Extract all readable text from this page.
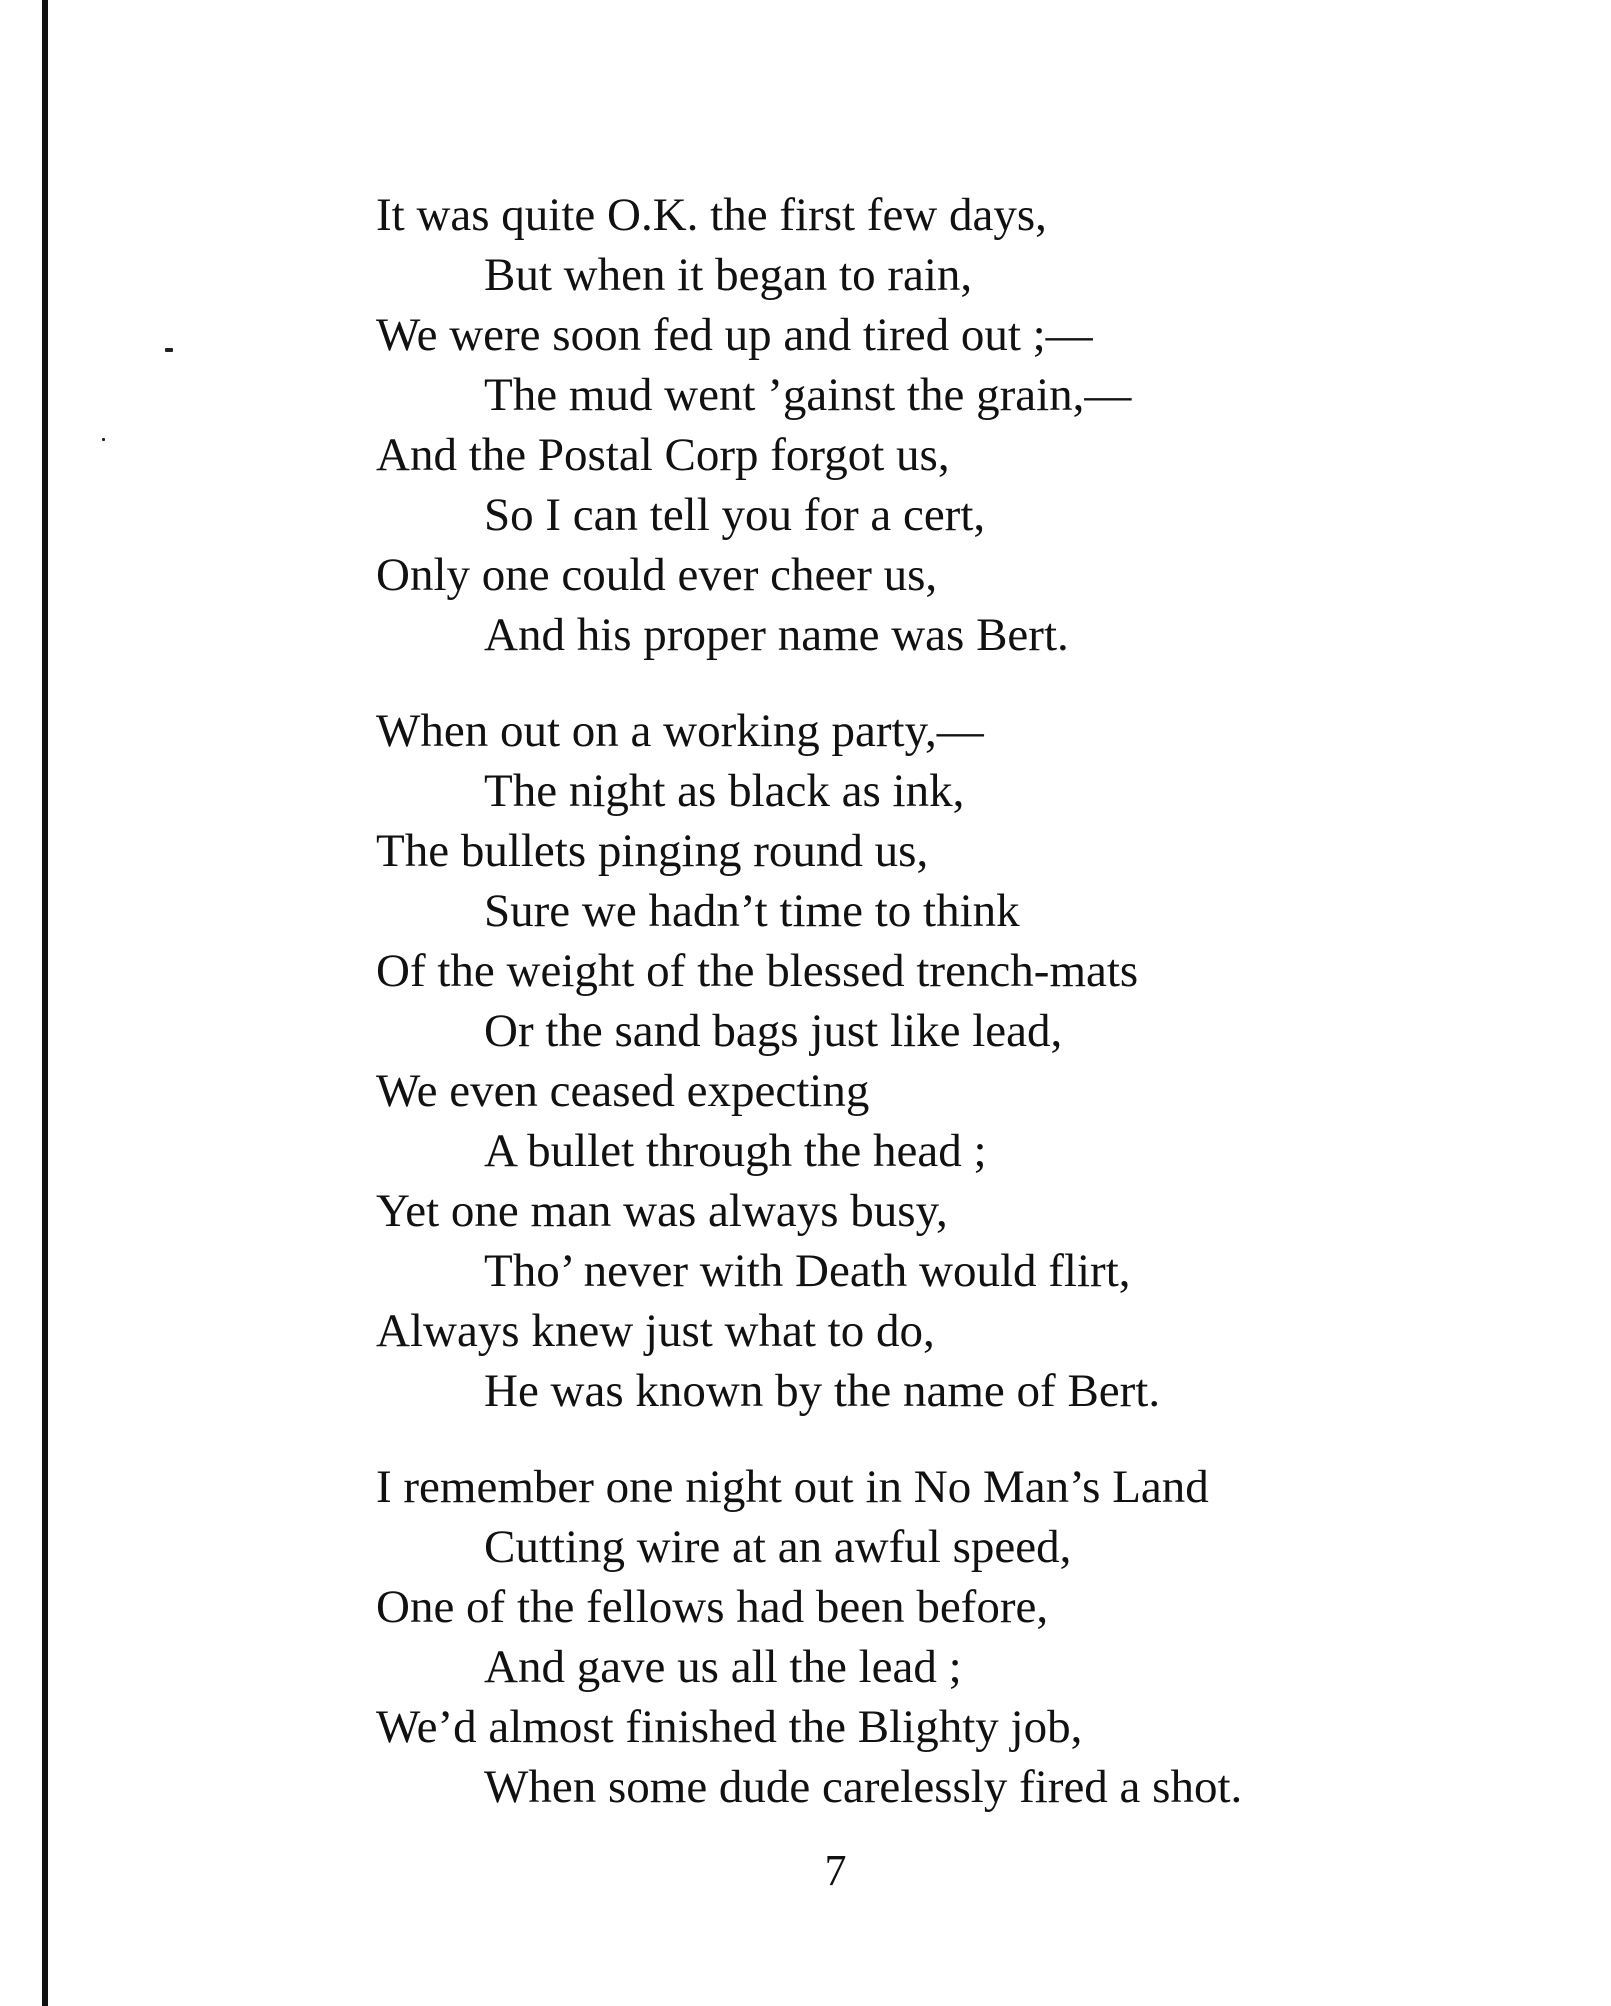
It was quite O.K. the first few days,
But when it began to rain,
We were soon fed up and tired out ;—
The mud went ’gainst the grain,—
And the Postal Corp forgot us,
So I can tell you for a cert,
Only one could ever cheer us,
And his proper name was Bert.
When out on a working party,—
The night as black as ink,
The bullets pinging round us,
Sure we hadn’t time to think
Of the weight of the blessed trench-mats
Or the sand bags just like lead,
We even ceased expecting
A bullet through the head ;
Yet one man was always busy,
Tho’ never with Death would flirt,
Always knew just what to do,
He was known by the name of Bert.
I remember one night out in No Man’s Land
Cutting wire at an awful speed,
One of the fellows had been before,
And gave us all the lead ;
We’d almost finished the Blighty job,
When some dude carelessly fired a shot.
7
